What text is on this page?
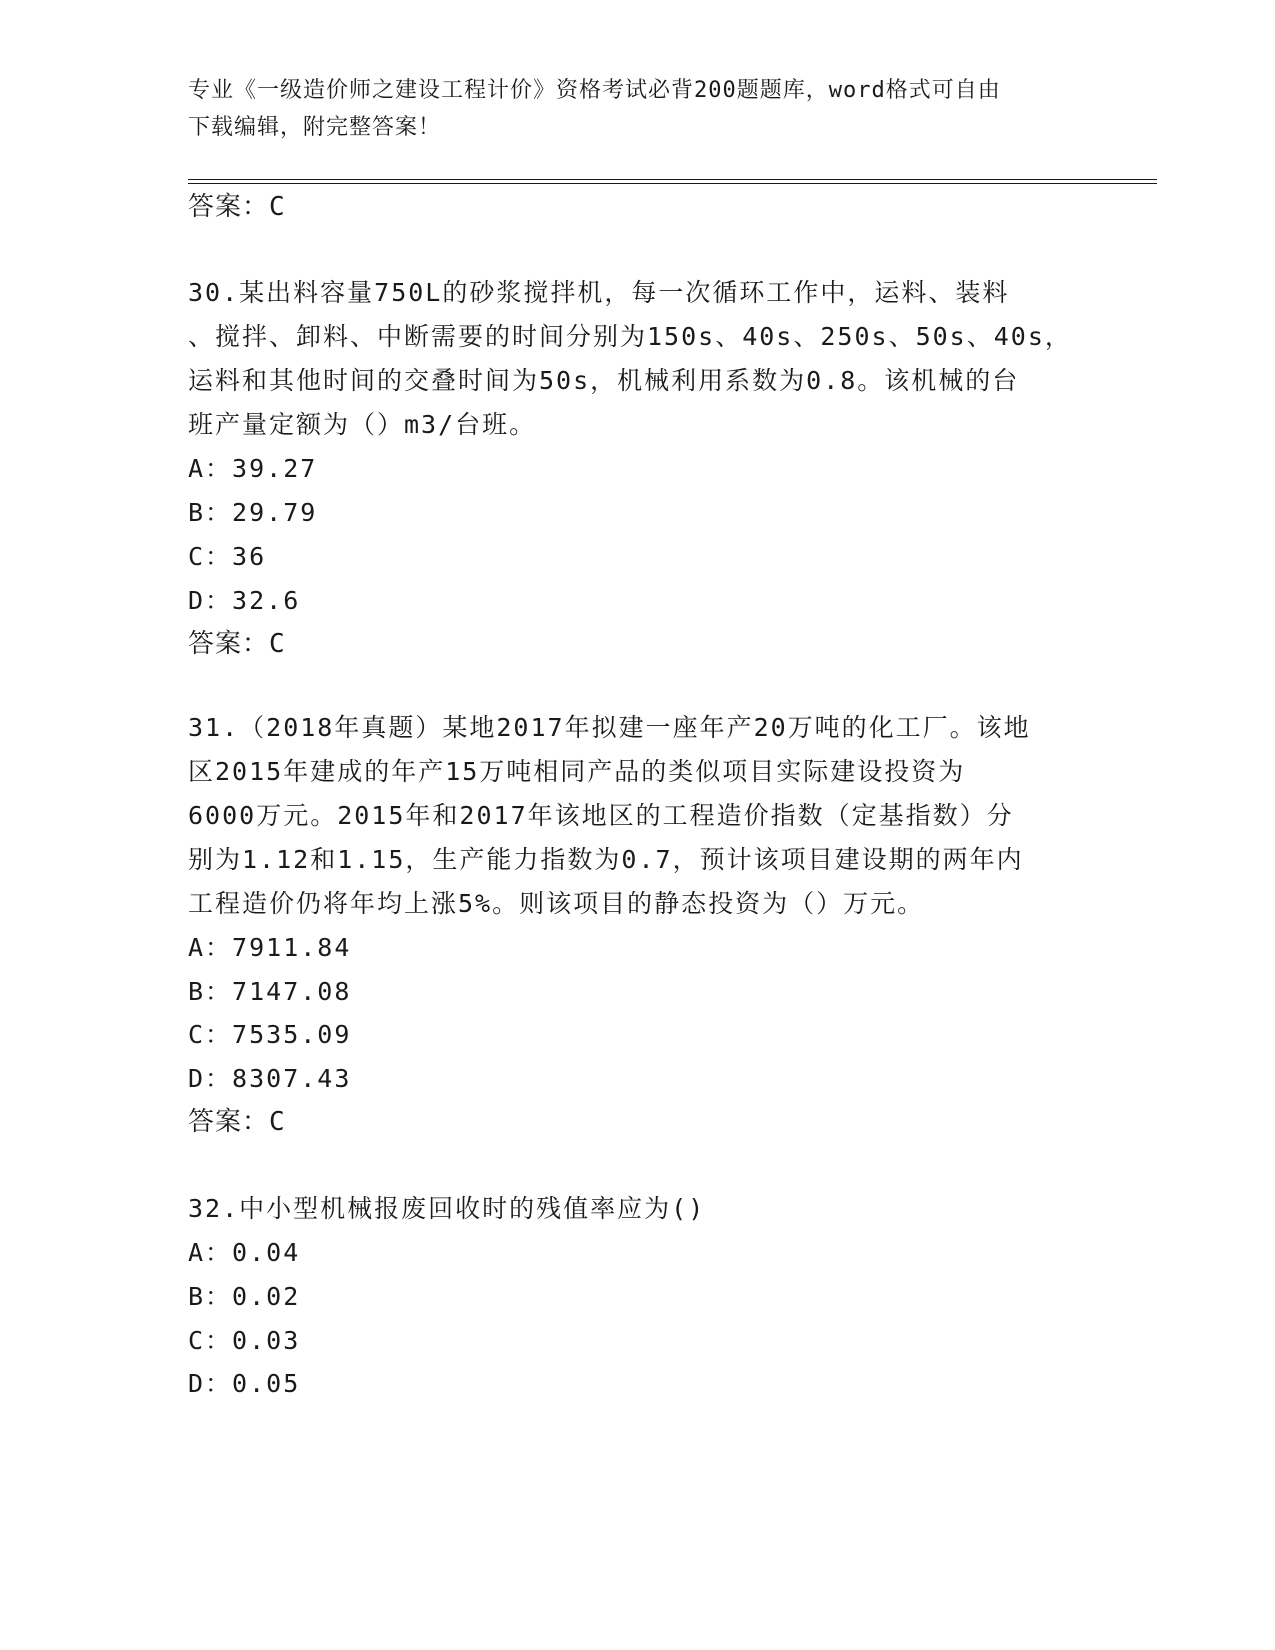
专业《一级造价师之建设工程计价》资格考试必背200题题库，word格式可自由
下载编辑，附完整答案！
答案：C
30.某出料容量750L的砂浆搅拌机，每一次循环工作中，运料、装料
、搅拌、卸料、中断需要的时间分别为150s、40s、250s、50s、40s，
运料和其他时间的交叠时间为50s，机械利用系数为0.8。该机械的台
班产量定额为（）m3/台班。
A：39.27
B：29.79
C：36
D：32.6
答案：C
31.（2018年真题）某地2017年拟建一座年产20万吨的化工厂。该地
区2015年建成的年产15万吨相同产品的类似项目实际建设投资为
6000万元。2015年和2017年该地区的工程造价指数（定基指数）分
别为1.12和1.15，生产能力指数为0.7，预计该项目建设期的两年内
工程造价仍将年均上涨5%。则该项目的静态投资为（）万元。
A：7911.84
B：7147.08
C：7535.09
D：8307.43
答案：C
32.中小型机械报废回收时的残值率应为()
A：0.04
B：0.02
C：0.03
D：0.05
